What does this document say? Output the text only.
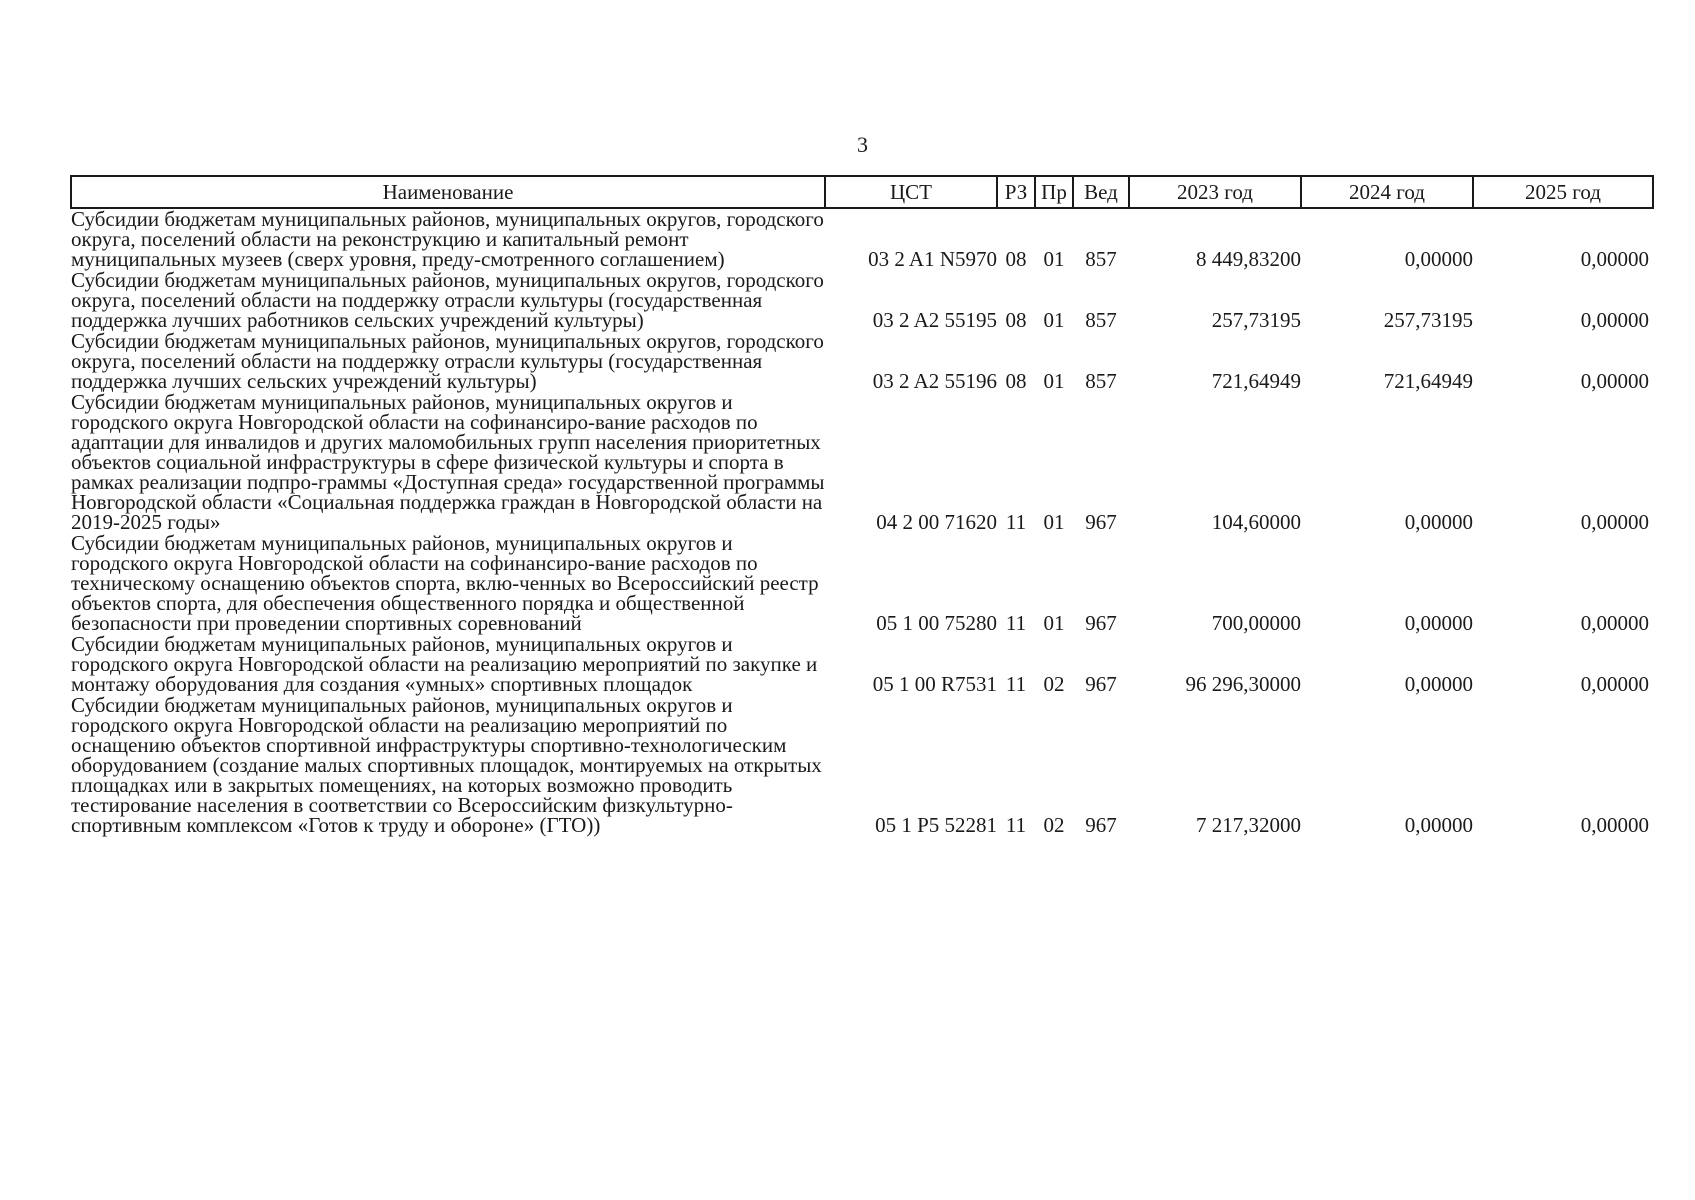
3
Наименование	ЦСТ	РЗ	Пр	Вед	2023 год	2024 год	2025 год
Субсидии бюджетам муниципальных районов, муниципальных округов, городского округа, поселений области на реконструкцию и капитальный ремонт муниципальных музеев (сверх уровня, преду-смотренного соглашением)	03 2 A1 N5970	08	01	857	8 449,83200	0,00000	0,00000
Субсидии бюджетам муниципальных районов, муниципальных округов, городского округа, поселений области на поддержку отрасли культуры (государственная поддержка лучших работников сельских учреждений культуры)	03 2 A2 55195	08	01	857	257,73195	257,73195	0,00000
Субсидии бюджетам муниципальных районов, муниципальных округов, городского округа, поселений области на поддержку отрасли культуры (государственная поддержка лучших сельских учреждений культуры)	03 2 A2 55196	08	01	857	721,64949	721,64949	0,00000
Субсидии бюджетам муниципальных районов, муниципальных округов и городского округа Новгородской области на софинансиро-вание расходов по адаптации для инвалидов и других маломобильных групп населения приоритетных объектов социальной инфраструктуры в сфере физической культуры и спорта в рамках реализации подпро-граммы «Доступная среда» государственной программы Новгородской области «Социальная поддержка граждан в Новгородской области на 2019-2025 годы»	04 2 00 71620	11	01	967	104,60000	0,00000	0,00000
Субсидии бюджетам муниципальных районов, муниципальных округов и городского округа Новгородской области на софинансиро-вание расходов по техническому оснащению объектов спорта, вклю-ченных во Всероссийский реестр объектов спорта, для обеспечения общественного порядка и общественной безопасности при проведении спортивных соревнований	05 1 00 75280	11	01	967	700,00000	0,00000	0,00000
Субсидии бюджетам муниципальных районов, муниципальных округов и городского округа Новгородской области на реализацию мероприятий по закупке и монтажу оборудования для создания «умных» спортивных площадок	05 1 00 R7531	11	02	967	96 296,30000	0,00000	0,00000
Субсидии бюджетам муниципальных районов, муниципальных округов и городского округа Новгородской области на реализацию мероприятий по оснащению объектов спортивной инфраструктуры спортивно-технологическим оборудованием (создание малых спортивных площадок, монтируемых на открытых площадках или в закрытых помещениях, на которых возможно проводить тестирование населения в соответствии со Всероссийским физкультурно-спортивным комплексом «Готов к труду и обороне» (ГТО))	05 1 P5 52281	11	02	967	7 217,32000	0,00000	0,00000
